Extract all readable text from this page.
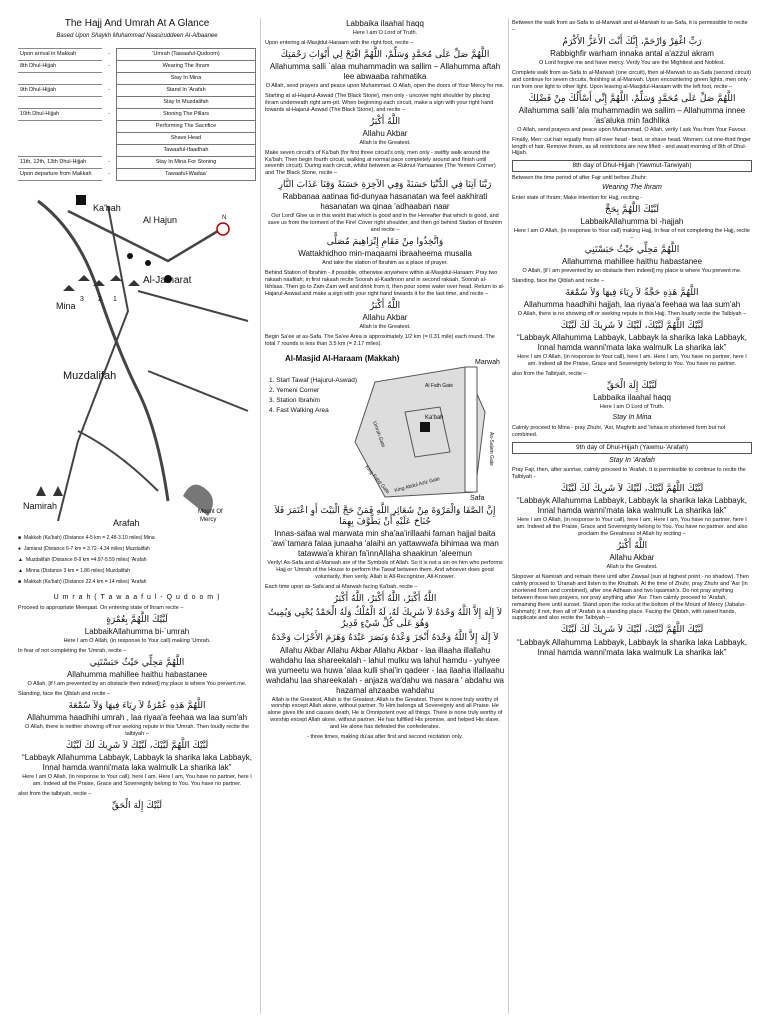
The Hajj And Umrah At A Glance
Based Upon Shaykh Muhammad Naasiruddeen Al-Albaanee
Upon arrival in Makkah	-	'Umrah (Tawaaful-Qudoom)
8th Dhul-Hijjah	-	Wearing The Ihram
		Stay In Mina
9th Dhul-Hijjah	-	Stand In 'Arafah
		Stay In Muzdalifah
10th Dhul-Hijjah	-	Stoning The Pillars
		Performing The Sacrifice
		Shave Head
		Tawaaful-Ifaadhah
11th, 12th, 13th Dhul-Hijjah	-	Stay In Mina For Stoning
Upon departure from Makkah	-	Tawaaful-Wadaa'
N
Ka'bah
Al Hajun
Al-Jamarat
Mina
Muzdalifah
Namirah
Arafah
Mount Of
Mercy
1
2
3
■ Makkah (Ka'bah) (Distance 4-5 km = 2.48-3.10 miles) Mina
● Jamarat (Distance 6-7 km = 3.72- 4.34 miles) Muzdalifah
▲ Muzdalifah (Distance 8-9 km =4.97-5.59 miles) 'Arafah
▲ Minna (Distance 3 km = 1.86 miles) Muzdalifah
■ Makkah (Ka'bah) (Distance 22.4 km = 14 miles) 'Arafah
U m r a h ( T a w a a f u l - Q u d o o m )
Proceed to appropriate Meeqaat. On entering state of Ihram recite –
لَبَّيْكَ اللَّهُمَّ بِعُمْرَةٍ
LabbaikAllahumma bi-`umrah
Here I am O Allah, (in response to Your call) making 'Umrah.
In fear of not completing the 'Umrah, recite –
اللَّهُمَّ مَحِلِّي حَيْثُ حَبَسْتَنِي
Allahumma mahillee haithu habastanee
O Allah, [if I am prevented by an obstacle then indeed] my place is where You prevent me.
Standing, face the Qiblah and recite –
اللَّهُمَّ هَذِهِ عُمْرَةٌ لاَ رِيَاءَ فِيهَا وَلاَ سُمْعَةَ
Allahumma haadhihi umrah , laa riyaa'a feehaa wa laa sum'ah
O Allah, there is neither showing off nor seeking repute in this 'Umrah. Then loudly recite the talbiyah –
لَبَّيْكَ اللَّهُمَّ لَبَّيْكَ، لَبَّيْكَ لاَ شَرِيكَ لَكَ لَبَّيْكَ
“Labbayk Allahumma Labbayk, Labbayk la sharika laka Labbayk, Innal hamda wanni'mata laka walmulk La sharika lak”
Here I am O Allah, (in response to Your call), here I am. Here I am, You have no partner, here I am. Indeed all the Praise, Grace and Sovereignty belong to You. You have no partner.
also from the talbiyah, recite –
لَبَّيْكَ إِلَهَ الْحَقِّ
Labbaika ilaahal haqq
Here I am O Lord of Truth.
Upon entering al-Masjidul-Haraam with the right foot, recite –
اللَّهُمَّ صَلِّ عَلَى مُحَمَّدٍ وَسَلِّمْ، اللَّهُمَّ افْتَحْ لِي أَبْوَابَ رَحْمَتِكَ
Allahumma salli `alaa muhammadin wa sallim – Allahumma aftah lee abwaaba rahmatika
O Allah, send prayers and peace upon Muhammad. O Allah, open the doors of Your Mercy for me.
Starting at al-Hajarul-Aswad (The Black Stone), men only - uncover right shoulder by placing ihram underneath right arm-pit. When beginning each circuit, make a sign with your right hand towards al-Hajarul-Aswad (The Black Stone), and recite –
اللَّهُ أَكْبَرُ
Allahu Akbar
Allah is the Greatest.
Make seven circuit's of Ka'bah (for first three circuit's only, men only - swiftly walk around the Ka'bah; Then begin fourth circuit, walking at normal pace completely around and finish until seventh circuit). During each circuit, whilst between ar-Ruknul-Yamaanee (The Yemeni Corner) and The Black Stone, recite –
رَبَّنَا آتِنَا فِي الدُّنْيَا حَسَنَةً وَفِي الآخِرَةِ حَسَنَةً وَقِنَا عَذَابَ النَّارِ
Rabbanaa aatinaa fid-dunyaa hasanatan wa feel aakhirati hasanatan wa qinaa 'adhaaban naar
Our Lord! Give us in this world that which is good and in the Hereafter that which is good, and save us from the torment of the Fire! Cover right shoulder, and then go behind Station of Ibrahim and recite –
وَاتَّخِذُوا مِنْ مَقَامِ إِبْرَاهِيمَ مُصَلًّى
Wattakhidhoo min-maqaami ibraaheema musalla
And take the station of Ibrahim as a place of prayer.
Behind Station of Ibrahim - if possible, otherwise anywhere within al-Masjidul-Haraam: Pray two rakaah naafilah; in first rakaah recite Soorah al-Kaafiroon and in second rakaah, Soorah al-Ikhlaas. Then go to Zam-Zam well and drink from it, then pour some water over head. Return to al-Hajarul-Aswad and make a sign with your right hand towards it for the last time, and recite –
اللَّهُ أَكْبَرُ
Allahu Akbar
Allah is the Greatest.
Begin Sa'ee at as-Safa. The Sa'ee Area is approximately 1/2 km (= 0.31 mile) each round. The total 7 rounds is less than 3.5 km (= 2.17 miles).
Al-Masjid Al-Haraam (Makkah)
Ka'bah
Marwah
Safa
Al Fath Gate
As-Salam Gate
Umrah Gate
King Fahd Gate King Abdul Aziz Gate
1. Start Tawaf (Hajurul-Aswad)
2. Yemeni Corner
3. Station Ibrahim
4. Fast Walking Area
إِنَّ الصَّفَا وَالْمَرْوَةَ مِنْ شَعَائِرِ اللَّهِ فَمَنْ حَجَّ الْبَيْتَ أَوِ اعْتَمَرَ فَلاَ جُنَاحَ عَلَيْهِ أَنْ يَطَّوَّفَ بِهِمَا
Innas-safaa wal marwata min sha'aa'irillaahi faman hajjal baita 'awi`tamara falaa junaaha 'alaihi an yattawwafa bihimaa wa man tatawwa'a khiran fa'innAllaha shaakirun 'aleemun
Verily! As-Safa and al-Marwah are of the Symbols of Allah. So it is not a sin on him who performs Hajj or 'Umrah of the House to perform the Tawaf between them. And whoever does good voluntarily, then verily, Allah is All-Recognizer, All-Knower.
Each time upon as-Safa and al-Marwah facing Ka'bah, recite –
اللَّهُ أَكْبَرُ، اللَّهُ أَكْبَرُ، اللَّهُ أَكْبَرُ
لاَ إِلَهَ إِلاَّ اللَّهُ وَحْدَهُ لاَ شَرِيكَ لَهُ، لَهُ الْمُلْكُ وَلَهُ الْحَمْدُ يُحْيِي وَيُمِيتُ وَهُوَ عَلَى كُلِّ شَيْءٍ قَدِيرٌ
لاَ إِلَهَ إِلاَّ اللَّهُ وَحْدَهُ أَنْجَزَ وَعْدَهُ وَنَصَرَ عَبْدَهُ وَهَزَمَ الأَحْزَابَ وَحْدَهُ
Allahu Akbar Allahu Akbar Allahu Akbar - laa illaaha illallahu wahdahu laa shareekalah - lahul mulku wa lahul hamdu - yuhyee wa yumeetu wa huwa 'alaa kulli shai'in qadeer - laa ilaaha illallaahu wahdahu laa shareekalah - anjaza wa'dahu wa nasara ' abdahu wa hazamal ahzaaba wahdahu
Allah is the Greatest, Allah is the Greatest, Allah is the Greatest. There is none truly worthy of worship except Allah alone, without partner. To Him belongs all Sovereignty and all Praise. He alone gives life and causes death, He is Omnipotent over all things. There is none truly worthy of worship except Allah alone, without partner. He has fulfilled His promise, and helped His slave, and He alone has defeated the confederates.
- three times, making du'aa after first and second recitation only.
Between the walk from as-Safa to al-Marwah and al-Marwah to as-Safa, it is permissible to recite –
رَبِّ اغْفِرْ وَارْحَمْ، إِنَّكَ أَنْتَ الأَعَزُّ الأَكْرَمُ
Rabbighfir warham innaka antal a'azzul akram
O Lord forgive me and have mercy. Verily You are the Mightiest and Noblest.
Complete walk from as-Safa to al-Marwah (one circuit), then al-Marwah to as-Safa (second circuit) and continue for seven circuits, finishing at al-Marwah. Upon encountering green lights, men only - run from one light to other light. Upon leaving al-Masjidul-Haraam with the left foot, recite –
اللَّهُمَّ صَلِّ عَلَى مُحَمَّدٍ وَسَلِّمْ، اللَّهُمَّ إِنِّي أَسْأَلُكَ مِنْ فَضْلِكَ
Allahumma salli 'ala muhammadin wa sallim – Allahumma innee 'as'aluka min fadhlika
O Allah, send prayers and peace upon Muhammad. O Allah, verily I ask You from Your Favour.
Finally, Men: cut hair equally from all over head - best, or shave head. Women: cut one-third finger length of hair. Remove ihram, as all restrictions are now lifted - and await morning of 8th of Dhul-Hijjah.
8th day of Dhul-Hijjah (Yawmut-Tarwiyah)
Between the time period of after Fajr until before Zhuhr:
Wearing The Ihram
Enter state of Ihram; Make intention for Hajj, reciting -
لَبَّيْكَ اللَّهُمَّ بِحَجٍّ
LabbaikAllahumma bi -hajjah
Here I am O Allah, (in response to Your call) making Hajj. In fear of not completing the Hajj, recite –
اللَّهُمَّ مَحِلِّي حَيْثُ حَبَسْتَنِي
Allahumma mahillee haithu habastanee
O Allah, [if I am prevented by an obstacle then indeed] my place is where You prevent me.
Standing, face the Qiblah and recite –
اللَّهُمَّ هَذِهِ حَجَّةٌ لاَ رِيَاءَ فِيهَا وَلاَ سُمْعَةَ
Allahumma haadhihi hajjah, laa riyaa'a feehaa wa laa sum'ah
O Allah, there is no showing off or seeking repute in this Hajj. Then loudly recite the Talbiyah –
لَبَّيْكَ اللَّهُمَّ لَبَّيْكَ، لَبَّيْكَ لاَ شَرِيكَ لَكَ لَبَّيْكَ
“Labbayk Allahumma Labbayk, Labbayk la sharika laka Labbayk, Innal hamda wanni'mata laka walmulk La sharika lak”
Here I am O Allah, (in response to Your call), here I am. Here I am, You have no partner, here I am. Indeed all the Praise, Grace and Sovereignty belong to You. You have no partner.
also from the Talbiyah, recite –
لَبَّيْكَ إِلَهَ الْحَقِّ
Labbaika ilaahal haqq
Here I am O Lord of Truth.
Stay In Mina
Calmly proceed to Mina - pray Zhuhr, 'Asr, Maghrib and 'Ishaa in shortened form but not combined.
9th day of Dhul-Hijjah (Yawmu-'Arafah)
Stay In 'Arafah
Pray Fajr, then, after sunrise, calmly proceed to 'Arafah. It is permissible to continue to recite the Talbiyah -
لَبَّيْكَ اللَّهُمَّ لَبَّيْكَ، لَبَّيْكَ لاَ شَرِيكَ لَكَ لَبَّيْكَ
“Labbayk Allahumma Labbayk, Labbayk la sharika laka Labbayk, Innal hamda wanni'mata laka walmulk La sharika lak”
Here I am O Allah, (in response to Your call), here I am. Here I am, You have no partner, here I am. Indeed all the Praise, Grace and Sovereignty belong to You. You have no partner. and also proclaim the Greatness of Allah by reciting –
اللَّهُ أَكْبَرُ
Allahu Akbar
Allah is the Greatest.
Stopover at Namirah and remain there until after Zawaal (sun at highest point - no shadow). Then calmly proceed to 'Uranah and listen to the Khutbah. At the time of Zhuhr, pray Zhuhr and 'Asr (in shortened form and combined), after one Adhaan and two Iqaamah's. Do not pray anything between these two prayers, nor pray anything after 'Asr. Then calmly proceed to 'Arafah, remaining there until sunset. Stand upon the rocks at the bottom of the Mount of Mercy (Jabalur-Rahmah); if not, then all of 'Arafah is a standing place. Facing the Qiblah, with raised hands, supplicate and also recite the Talbiyah –
لَبَّيْكَ اللَّهُمَّ لَبَّيْكَ، لَبَّيْكَ لاَ شَرِيكَ لَكَ لَبَّيْكَ
“Labbayk Allahumma Labbayk, Labbayk la sharika laka Labbayk, Innal hamda wanni'mata laka walmulk La sharika lak”
